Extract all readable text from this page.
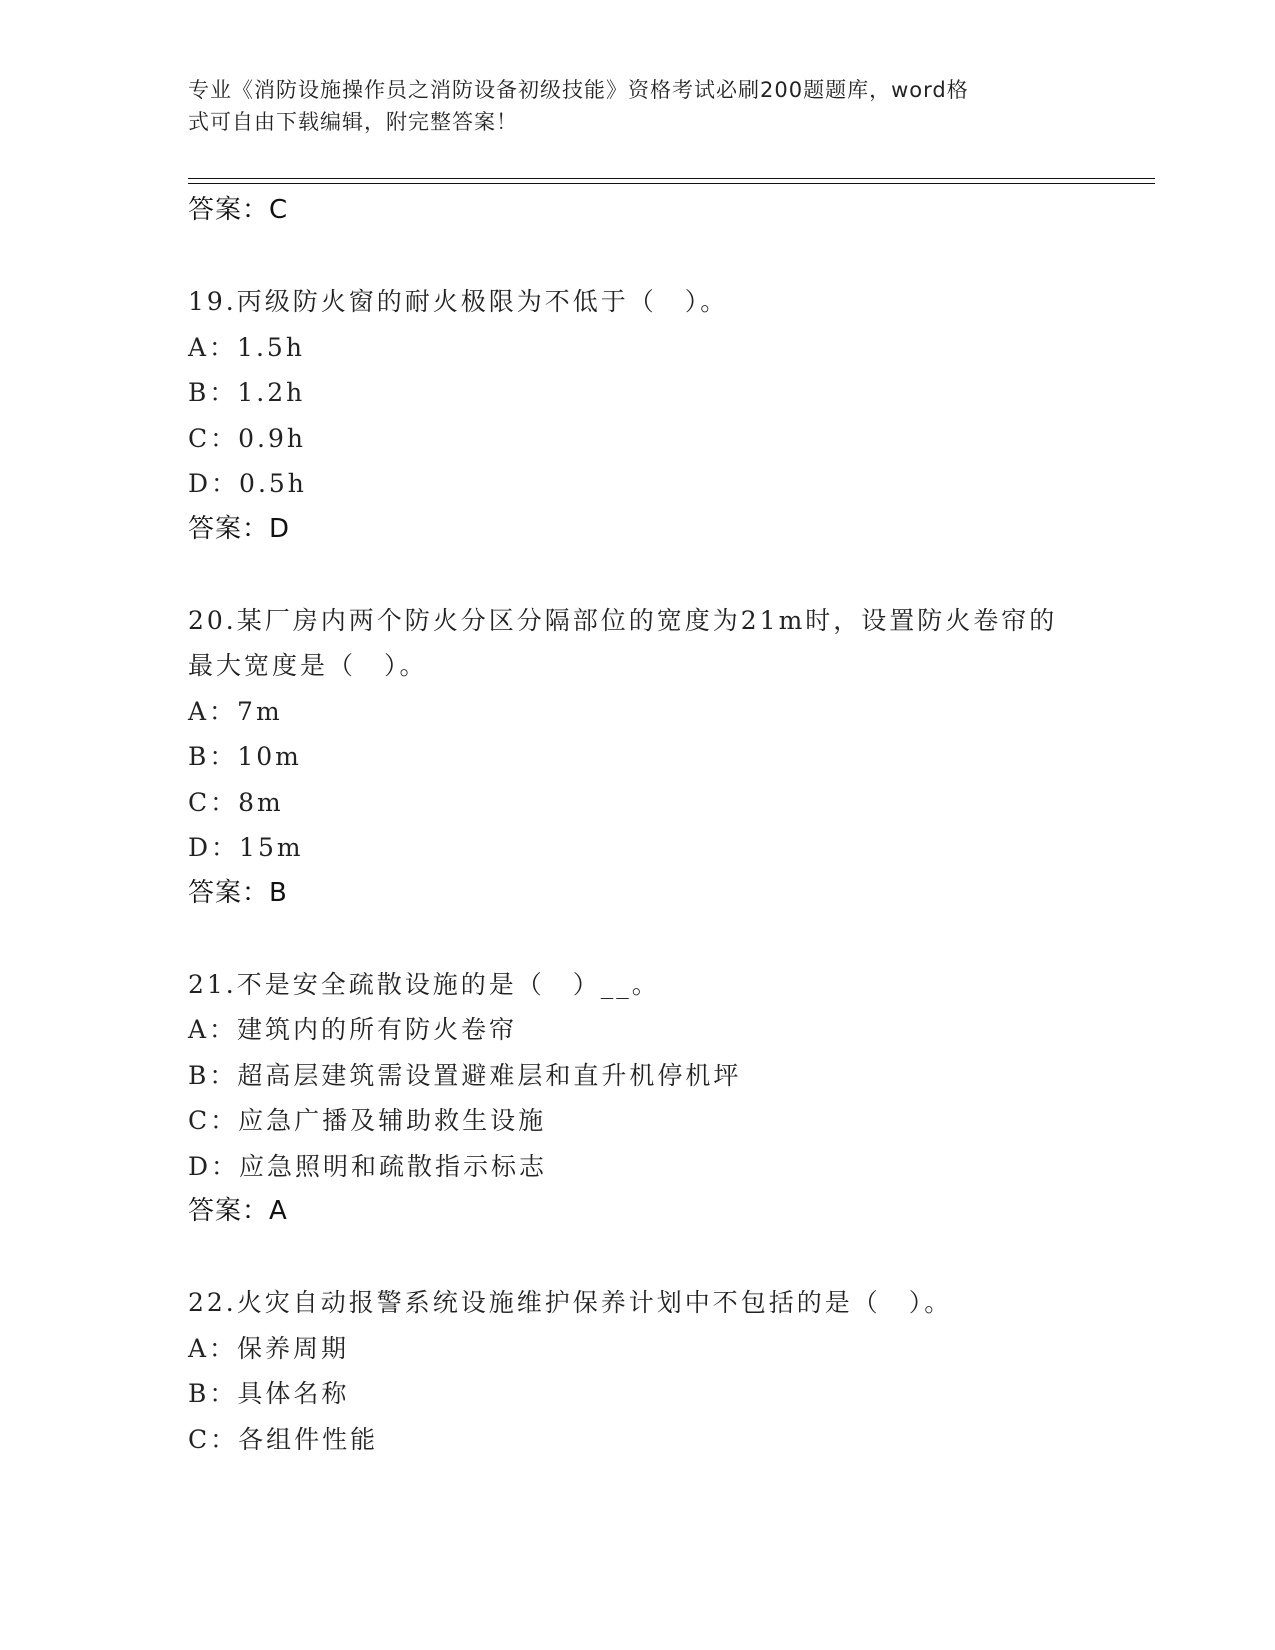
专业《消防设施操作员之消防设备初级技能》资格考试必刷200题题库，word格
式可自由下载编辑，附完整答案！
答案：C
19.丙级防火窗的耐火极限为不低于（　）。
A：1.5h
B：1.2h
C：0.9h
D：0.5h
答案：D
20.某厂房内两个防火分区分隔部位的宽度为21m时，设置防火卷帘的
最大宽度是（　）。
A：7m
B：10m
C：8m
D：15m
答案：B
21.不是安全疏散设施的是（　）__。
A：建筑内的所有防火卷帘
B：超高层建筑需设置避难层和直升机停机坪
C：应急广播及辅助救生设施
D：应急照明和疏散指示标志
答案：A
22.火灾自动报警系统设施维护保养计划中不包括的是（　）。
A：保养周期
B：具体名称
C：各组件性能
